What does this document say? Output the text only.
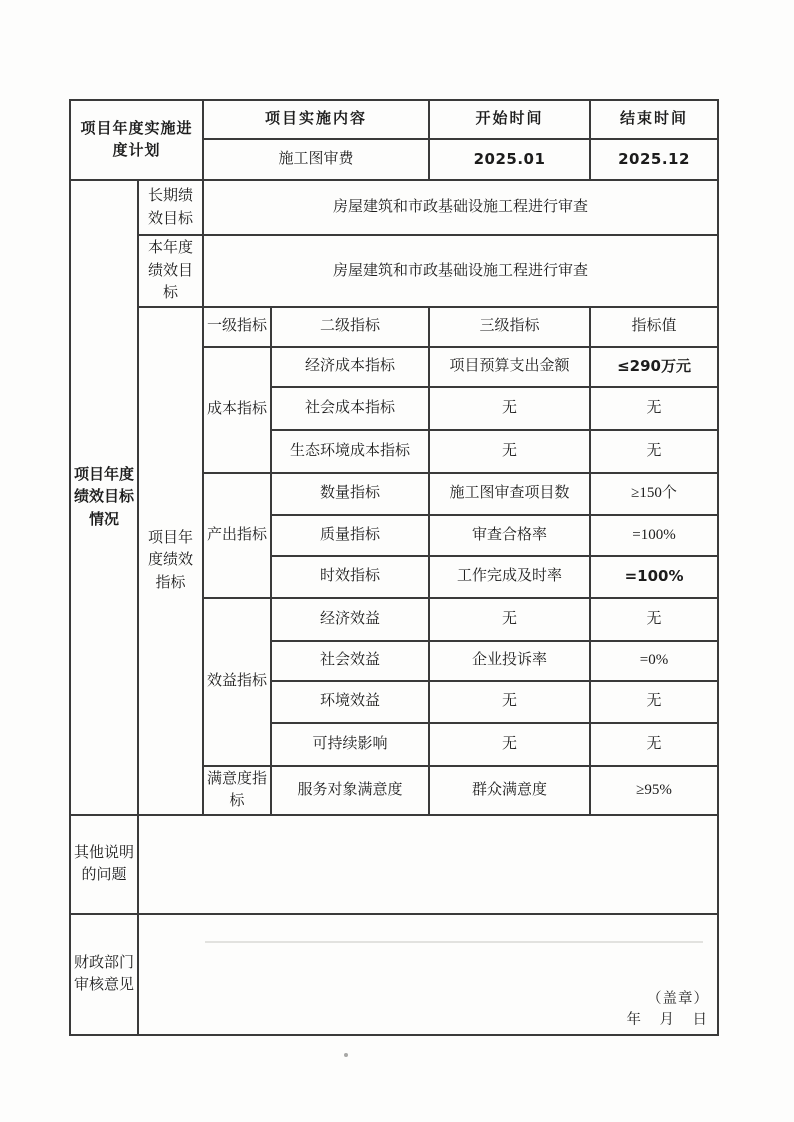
项目年度实施进度计划		项目实施内容		开始时间	结束时间
		施工图审费		2025.01	2025.12
项目年度绩效目标情况	长期绩效目标	房屋建筑和市政基础设施工程进行审查			
	本年度绩效目标	房屋建筑和市政基础设施工程进行审查			
	项目年度绩效指标	一级指标	二级指标	三级指标	指标值
		成本指标	经济成本指标	项目预算支出金额	≤290万元
			社会成本指标	无	无
			生态环境成本指标	无	无
		产出指标	数量指标	施工图审查项目数	≥150个
			质量指标	审查合格率	=100%
			时效指标	工作完成及时率	=100%
		效益指标	经济效益	无	无
			社会效益	企业投诉率	=0%
			环境效益	无	无
			可持续影响	无	无
		满意度指标	服务对象满意度	群众满意度	≥95%
其他说明的问题					
财政部门审核意见	（盖章）
年　月　日				
